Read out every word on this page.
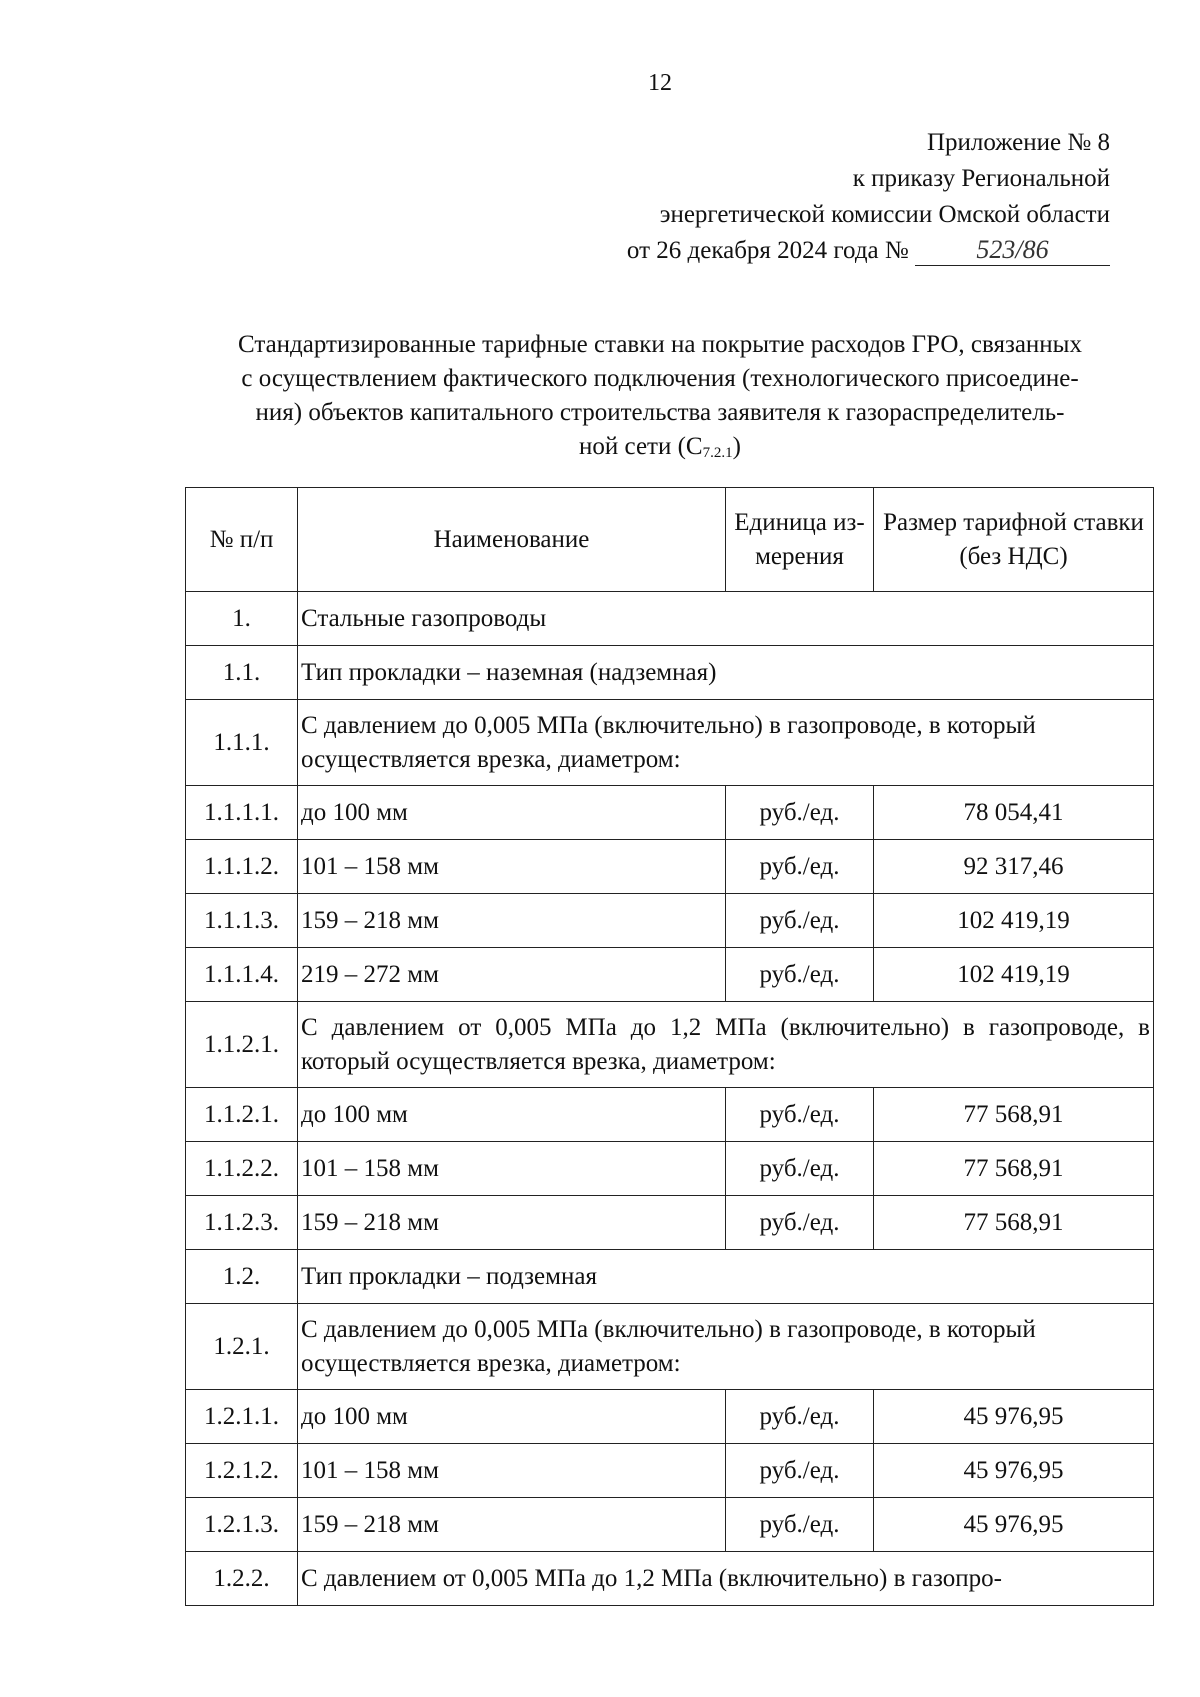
12
Приложение № 8
к приказу Региональной
энергетической комиссии Омской области
от 26 декабря 2024 года №	523/86
Стандартизированные тарифные ставки на покрытие расходов ГРО, связанных
с осуществлением фактического подключения (технологического присоедине-
ния) объектов капитального строительства заявителя к газораспределитель-
ной сети $(С_{7.2.1})$
№ п/п	Наименование	Единица из-мерения	Размер тарифной ставки (без НДС)
1.	Стальные газопроводы		
1.1.	Тип прокладки – наземная (надземная)		
1.1.1.	С давлением до 0,005 МПа (включительно) в газопроводе, в который осуществляется врезка, диаметром:		
1.1.1.1.	до 100 мм	руб./ед.	78 054,41
1.1.1.2.	101 – 158 мм	руб./ед.	92 317,46
1.1.1.3.	159 – 218 мм	руб./ед.	102 419,19
1.1.1.4.	219 – 272 мм	руб./ед.	102 419,19
1.1.2.1.	С давлением от 0,005 МПа до 1,2 МПа (включительно) в газопроводе, в который осуществляется врезка, диаметром:		
1.1.2.1.	до 100 мм	руб./ед.	77 568,91
1.1.2.2.	101 – 158 мм	руб./ед.	77 568,91
1.1.2.3.	159 – 218 мм	руб./ед.	77 568,91
1.2.	Тип прокладки – подземная		
1.2.1.	С давлением до 0,005 МПа (включительно) в газопроводе, в который осуществляется врезка, диаметром:		
1.2.1.1.	до 100 мм	руб./ед.	45 976,95
1.2.1.2.	101 – 158 мм	руб./ед.	45 976,95
1.2.1.3.	159 – 218 мм	руб./ед.	45 976,95
1.2.2.	С давлением от 0,005 МПа до 1,2 МПа (включительно) в газопро-		
